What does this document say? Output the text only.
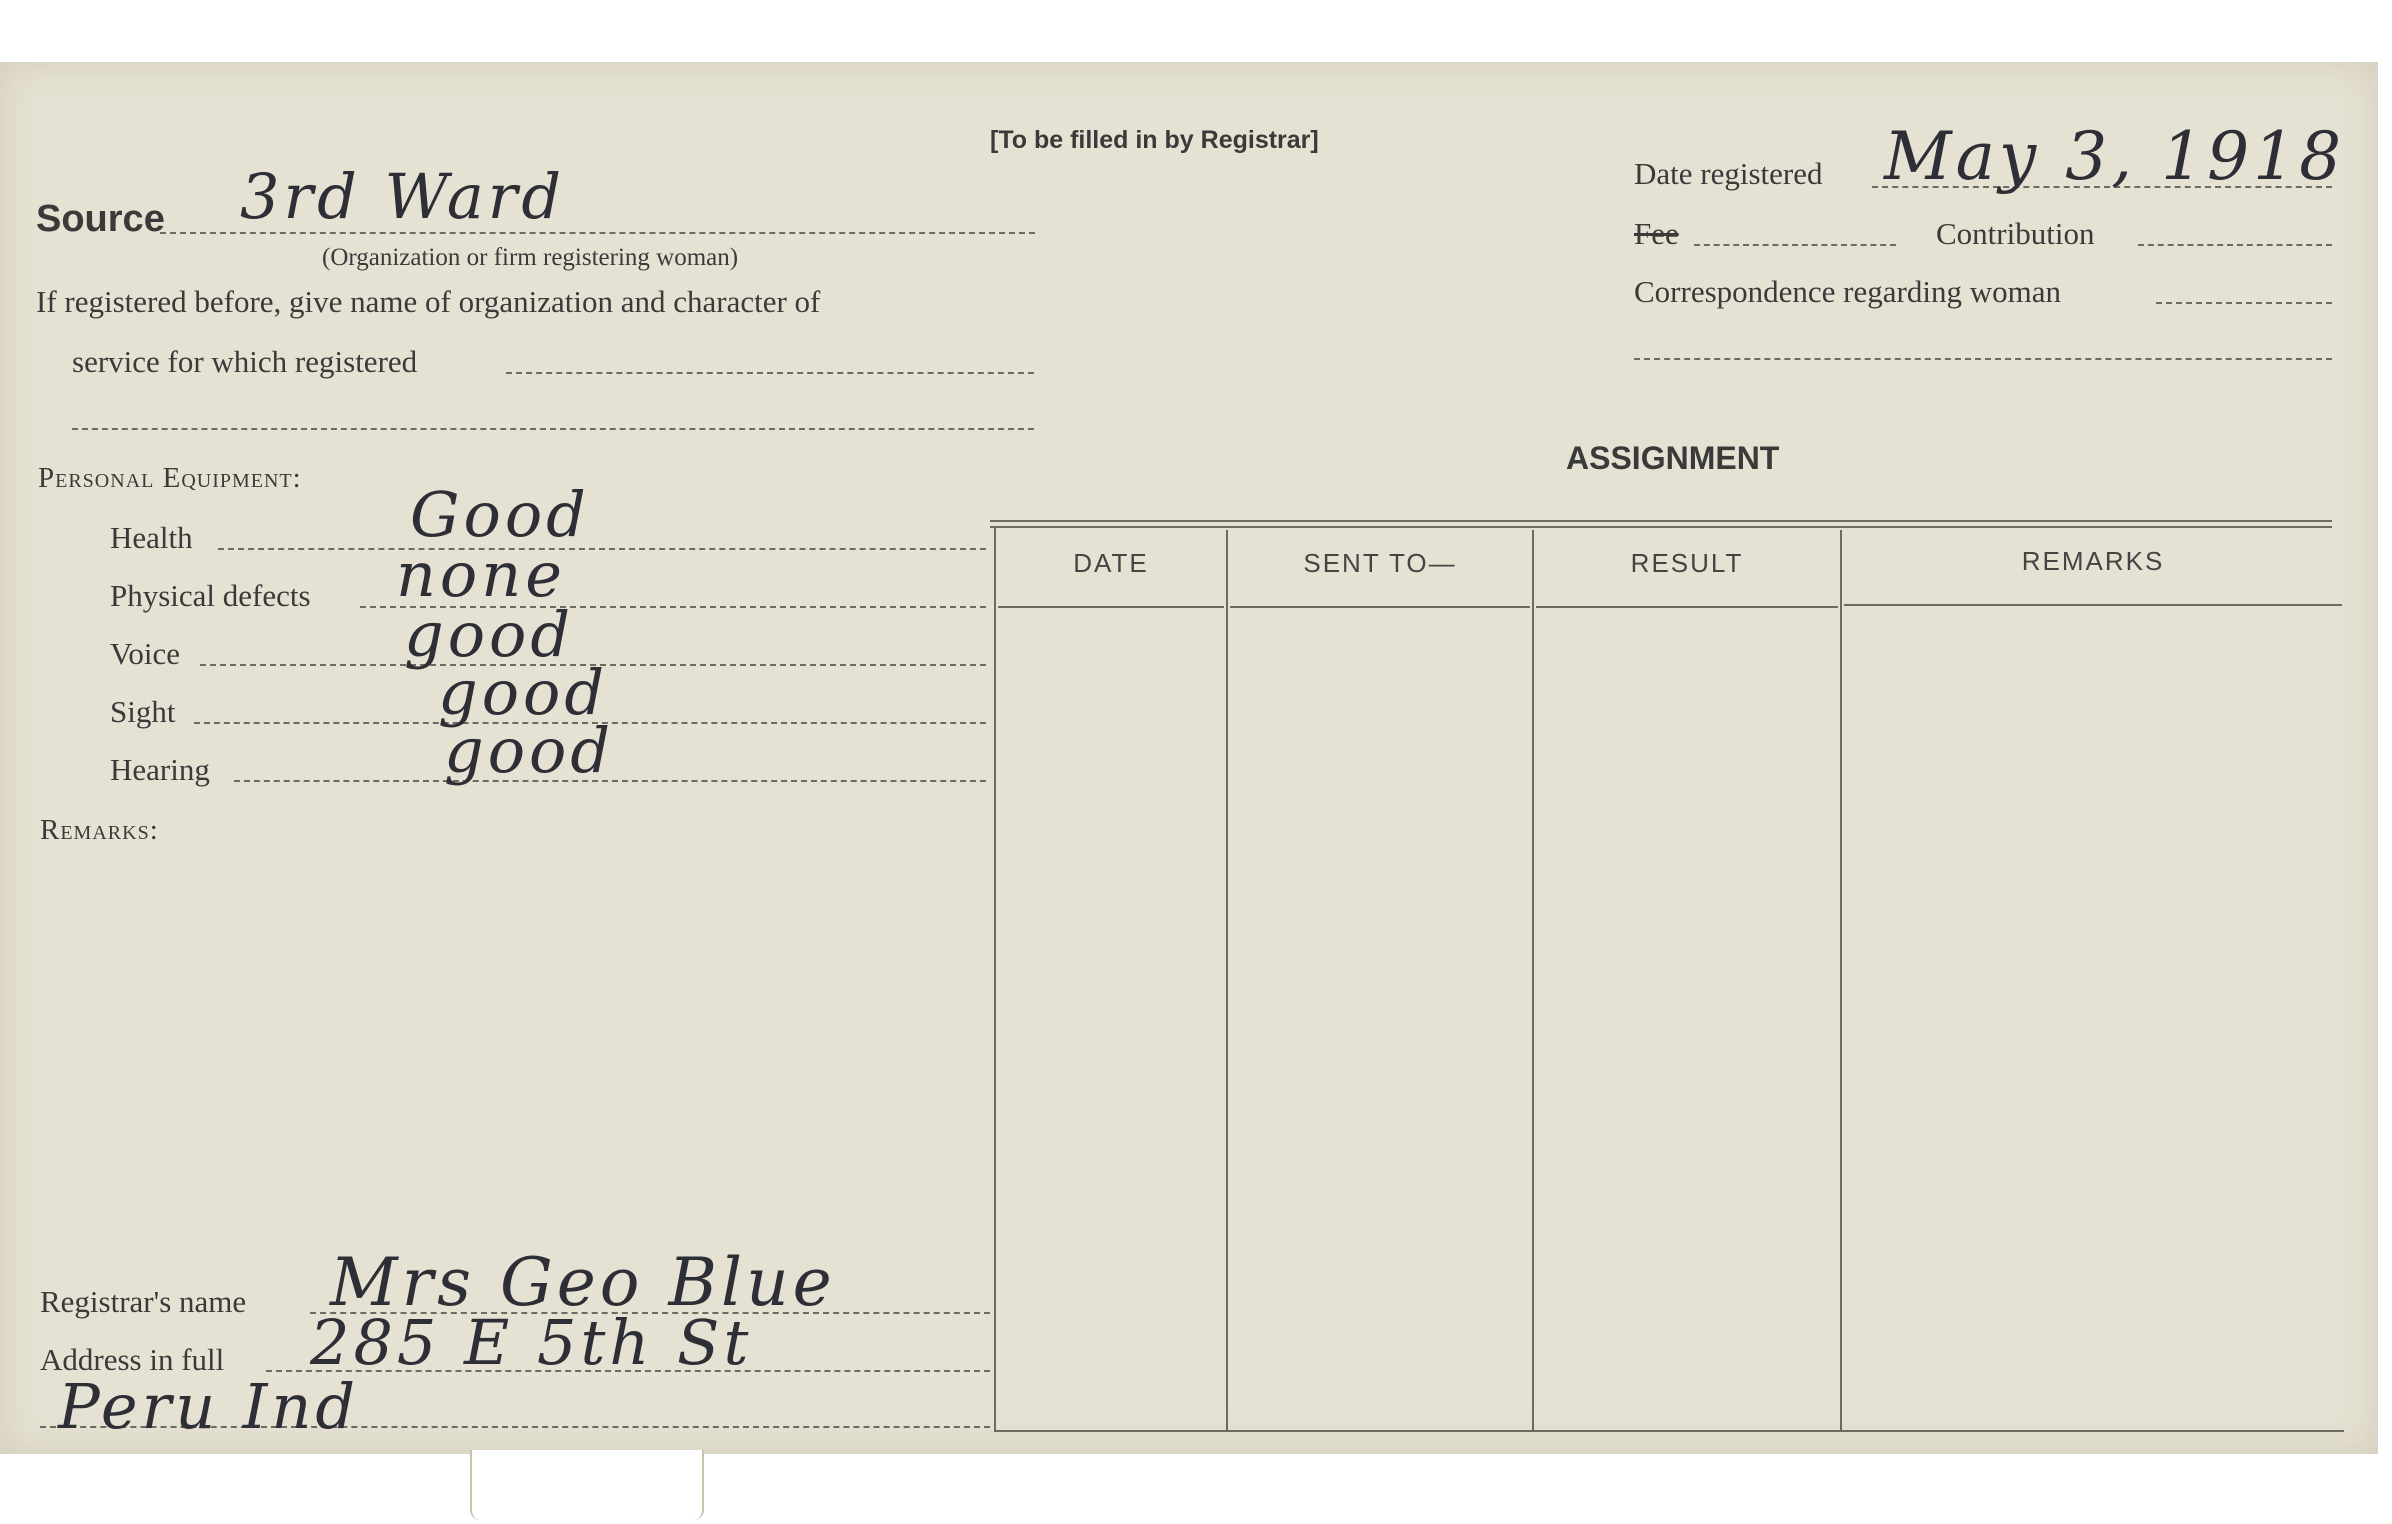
[To be filled in by Registrar]
Source 3rd Ward
(Organization or firm registering woman)
If registered before, give name of organization and character of
service for which registered
Date registered May 3, 1918
Fee	Contribution
Correspondence regarding woman
Personal Equipment:
Health	Good
Physical defects none
Voice	good
Sight	good
Hearing	good
Remarks:
ASSIGNMENT
DATE	SENT TO—	RESULT	REMARKS
Registrar's name Mrs Geo Blue
Address in full 285 E 5th St
Peru Ind
